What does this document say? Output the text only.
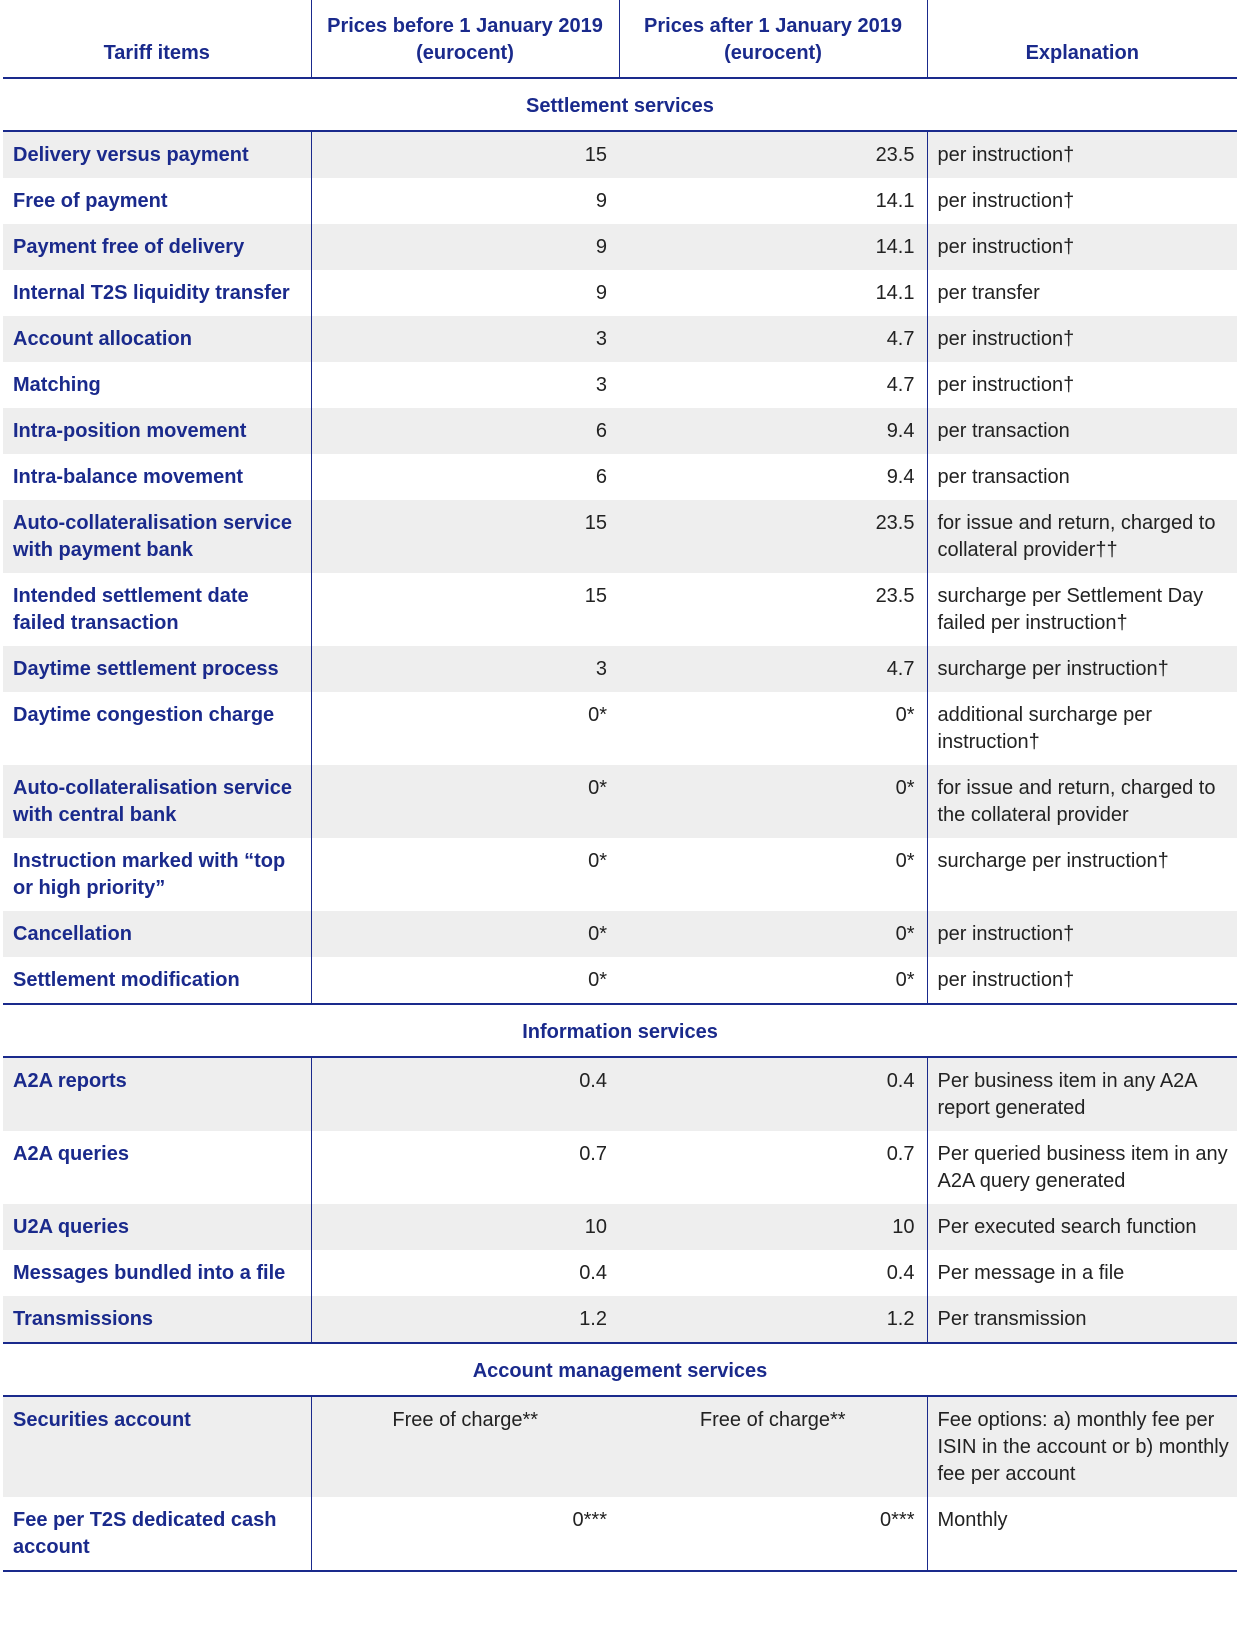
Tariff items	Prices before 1 January 2019 (eurocent)	Prices after 1 January 2019 (eurocent)	Explanation
Settlement services			
Delivery versus payment	15	23.5	per instruction†
Free of payment	9	14.1	per instruction†
Payment free of delivery	9	14.1	per instruction†
Internal T2S liquidity transfer	9	14.1	per transfer
Account allocation	3	4.7	per instruction†
Matching	3	4.7	per instruction†
Intra-position movement	6	9.4	per transaction
Intra-balance movement	6	9.4	per transaction
Auto-collateralisation service with payment bank	15	23.5	for issue and return, charged to collateral provider††
Intended settlement date failed transaction	15	23.5	surcharge per Settlement Day failed per instruction†
Daytime settlement process	3	4.7	surcharge per instruction†
Daytime congestion charge	0*	0*	additional surcharge per instruction†
Auto-collateralisation service with central bank	0*	0*	for issue and return, charged to the collateral provider
Instruction marked with “top or high priority”	0*	0*	surcharge per instruction†
Cancellation	0*	0*	per instruction†
Settlement modification	0*	0*	per instruction†
Information services			
A2A reports	0.4	0.4	Per business item in any A2A report generated
A2A queries	0.7	0.7	Per queried business item in any A2A query generated
U2A queries	10	10	Per executed search function
Messages bundled into a file	0.4	0.4	Per message in a file
Transmissions	1.2	1.2	Per transmission
Account management services			
Securities account	Free of charge**	Free of charge**	Fee options: a) monthly fee per ISIN in the account or b) monthly fee per account
Fee per T2S dedicated cash account	0***	0***	Monthly
